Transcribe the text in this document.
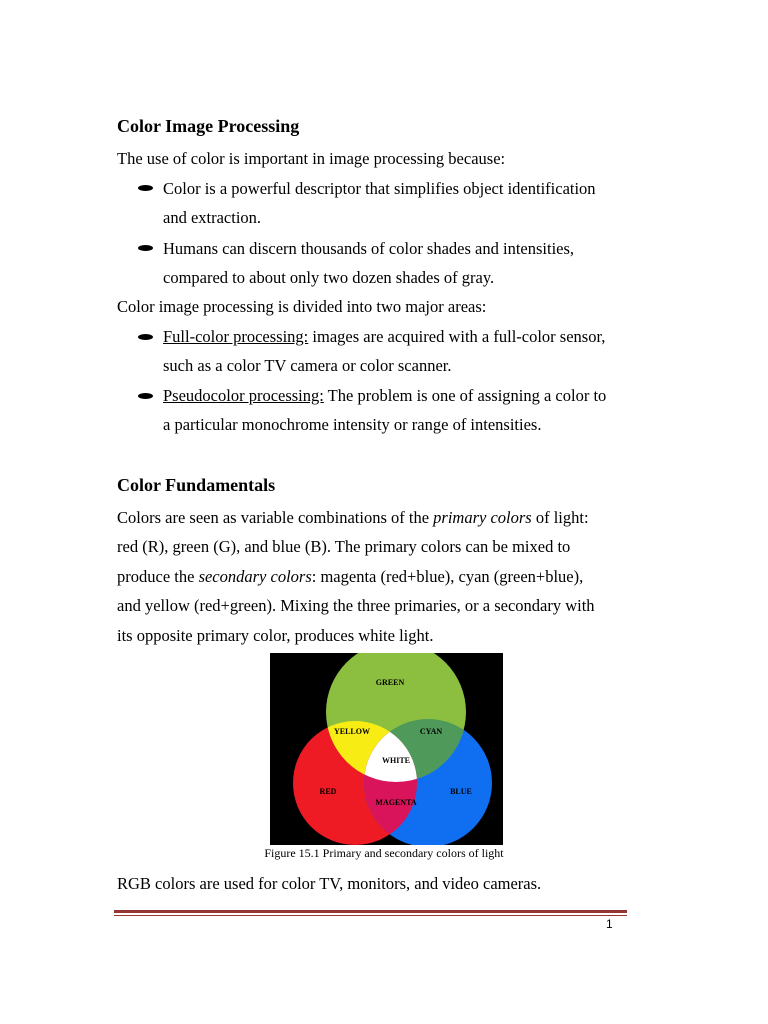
Color Image Processing

The use of color is important in image processing because:

Color is a powerful descriptor that simplifies object identification

and extraction.

Humans can discern thousands of color shades and intensities,

compared to about only two dozen shades of gray.

Color image processing is divided into two major areas:

Full-color processing: images are acquired with a full-color sensor,

such as a color TV camera or color scanner.

Pseudocolor processing: The problem is one of assigning a color to

a particular monochrome intensity or range of intensities.

Color Fundamentals

Colors are seen as variable combinations of the primary colors of light:

red (R), green (G), and blue (B). The primary colors can be mixed to

produce the secondary colors: magenta (red+blue), cyan (green+blue),

and yellow (red+green). Mixing the three primaries, or a secondary with

its opposite primary color, produces white light.

GREEN
YELLOW	CYAN
WHITE
RED	BLUE
MAGENTA

Figure 15.1 Primary and secondary colors of light

RGB colors are used for color TV, monitors, and video cameras.

1
